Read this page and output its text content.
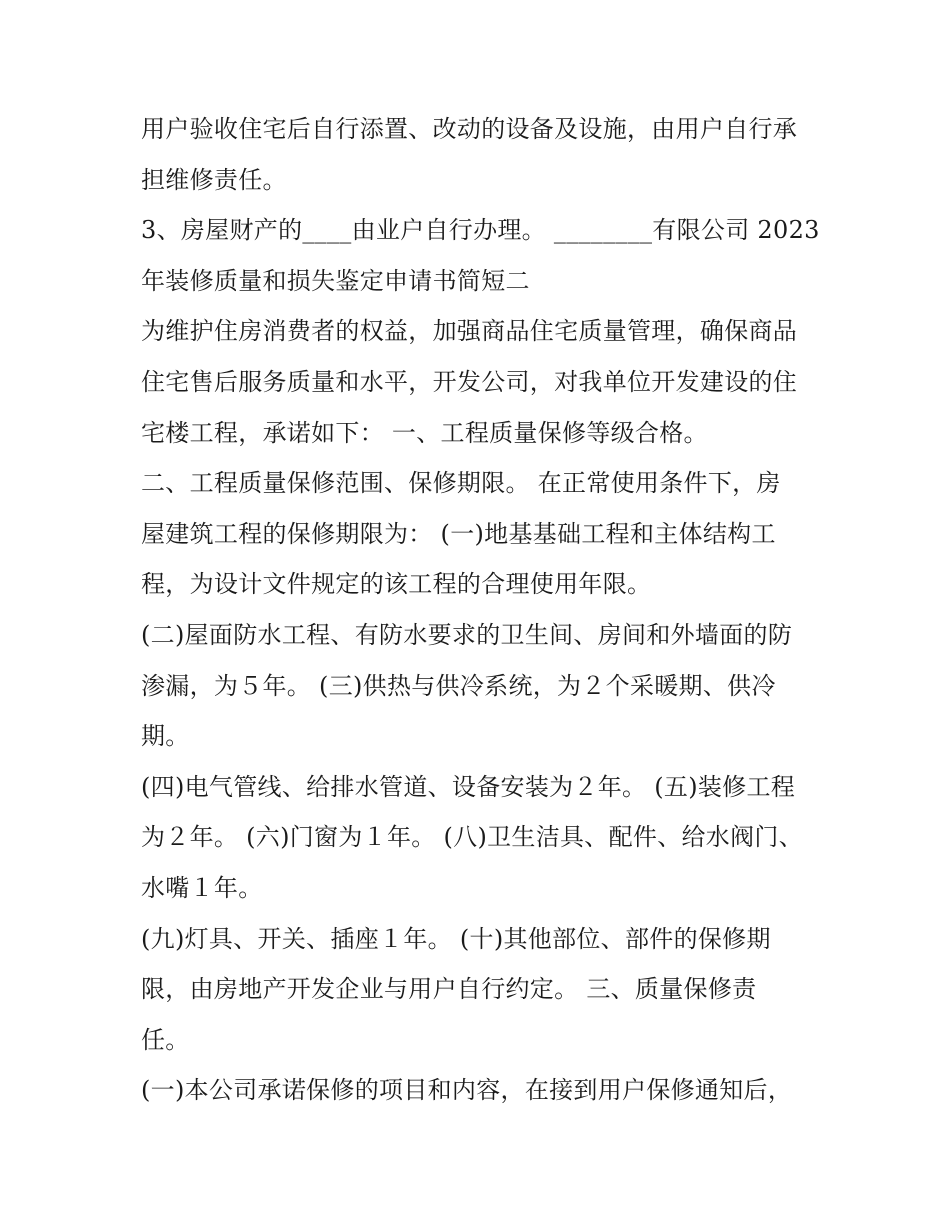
用户验收住宅后自行添置、改动的设备及设施，由用户自行承
担维修责任。
3、房屋财产的____由业户自行办理。 ________有限公司 2023
年装修质量和损失鉴定申请书简短二
为维护住房消费者的权益，加强商品住宅质量管理，确保商品
住宅售后服务质量和水平，开发公司，对我单位开发建设的住
宅楼工程，承诺如下： 一、工程质量保修等级合格。
二、工程质量保修范围、保修期限。 在正常使用条件下，房
屋建筑工程的保修期限为： (一)地基基础工程和主体结构工
程，为设计文件规定的该工程的合理使用年限。
(二)屋面防水工程、有防水要求的卫生间、房间和外墙面的防
渗漏，为５年。 (三)供热与供冷系统，为２个采暖期、供冷
期。
(四)电气管线、给排水管道、设备安装为２年。 (五)装修工程
为２年。 (六)门窗为１年。 (八)卫生洁具、配件、给水阀门、
水嘴１年。
(九)灯具、开关、插座１年。 (十)其他部位、部件的保修期
限，由房地产开发企业与用户自行约定。 三、质量保修责
任。
(一)本公司承诺保修的项目和内容，在接到用户保修通知后，
